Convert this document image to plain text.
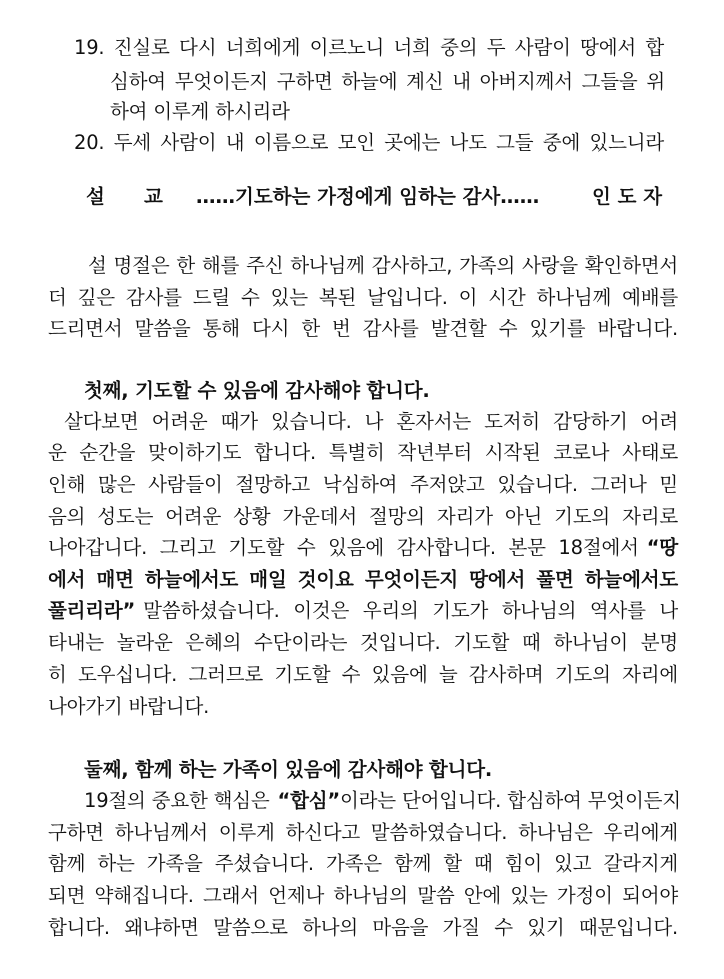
19. 진실로 다시 너희에게 이르노니 너희 중의 두 사람이 땅에서 합
심하여 무엇이든지 구하면 하늘에 계신 내 아버지께서 그들을 위
하여 이루게 하시리라
20. 두세 사람이 내 이름으로 모인 곳에는 나도 그들 중에 있느니라
설 교 ……기도하는 가정에게 임하는 감사……	인 도 자
설 명절은 한 해를 주신 하나님께 감사하고, 가족의 사랑을 확인하면서
더 깊은 감사를 드릴 수 있는 복된 날입니다. 이 시간 하나님께 예배를
드리면서 말씀을 통해 다시 한 번 감사를 발견할 수 있기를 바랍니다.
첫째, 기도할 수 있음에 감사해야 합니다.
살다보면 어려운 때가 있습니다. 나 혼자서는 도저히 감당하기 어려
운 순간을 맞이하기도 합니다. 특별히 작년부터 시작된 코로나 사태로
인해 많은 사람들이 절망하고 낙심하여 주저앉고 있습니다. 그러나 믿
음의 성도는 어려운 상황 가운데서 절망의 자리가 아닌 기도의 자리로
나아갑니다. 그리고 기도할 수 있음에 감사합니다. 본문 18절에서 “땅
에서 매면 하늘에서도 매일 것이요 무엇이든지 땅에서 풀면 하늘에서도
풀리리라” 말씀하셨습니다. 이것은 우리의 기도가 하나님의 역사를 나
타내는 놀라운 은혜의 수단이라는 것입니다. 기도할 때 하나님이 분명
히 도우십니다. 그러므로 기도할 수 있음에 늘 감사하며 기도의 자리에
나아가기 바랍니다.
둘째, 함께 하는 가족이 있음에 감사해야 합니다.
19절의 중요한 핵심은 “합심” 이라는 단어입니다. 합심하여 무엇이든지
구하면 하나님께서 이루게 하신다고 말씀하였습니다. 하나님은 우리에게
함께 하는 가족을 주셨습니다. 가족은 함께 할 때 힘이 있고 갈라지게
되면 약해집니다. 그래서 언제나 하나님의 말씀 안에 있는 가정이 되어야
합니다. 왜냐하면 말씀으로 하나의 마음을 가질 수 있기 때문입니다.
